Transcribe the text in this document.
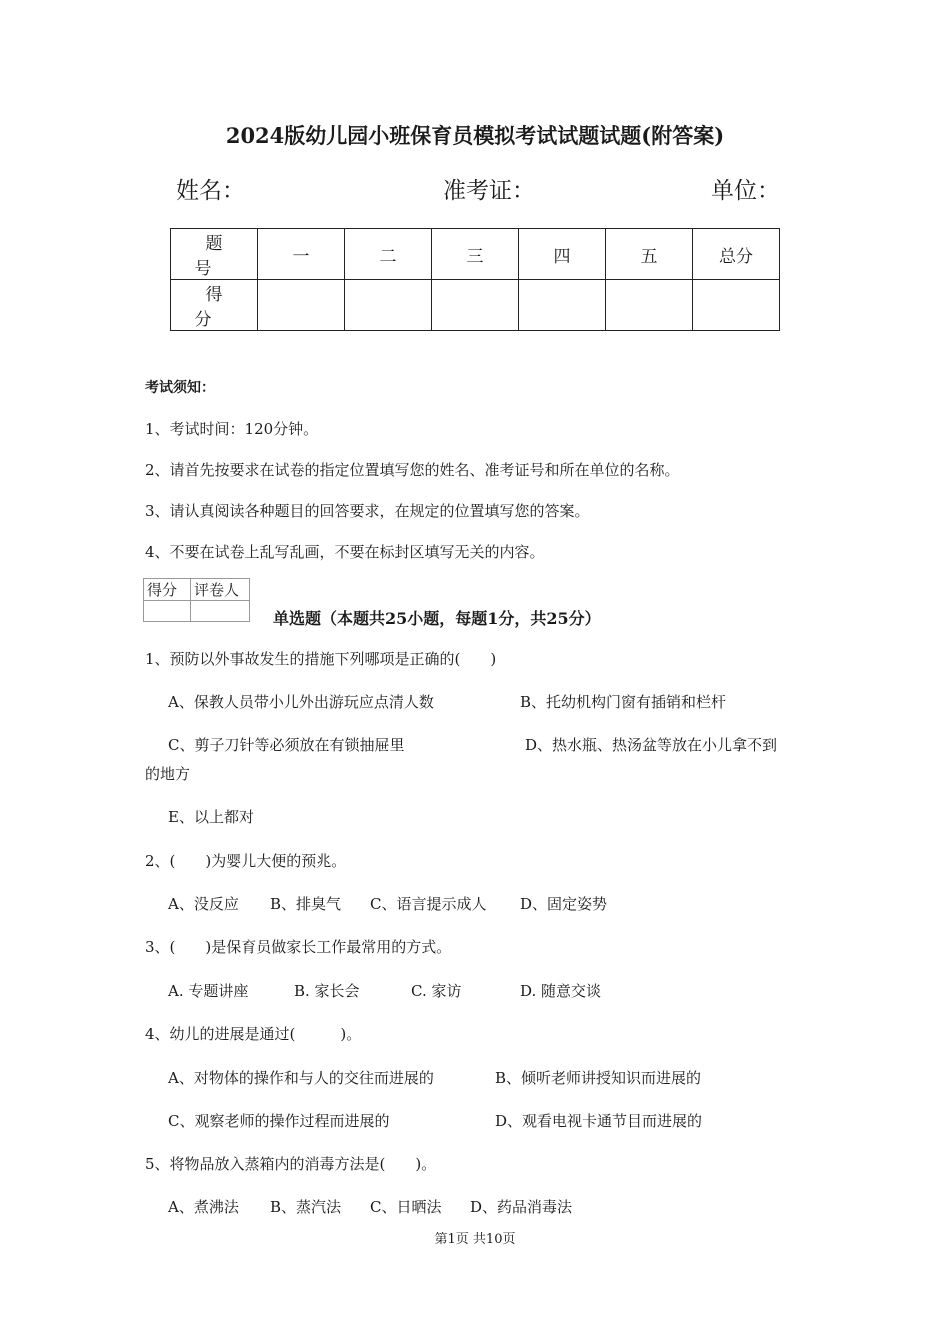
2024版幼儿园小班保育员模拟考试试题试题(附答案)
姓名：	准考证：	单位：
题号	一	二	三	四	五	总分
得分						
考试须知：
1、考试时间：120分钟。
2、请首先按要求在试卷的指定位置填写您的姓名、准考证号和所在单位的名称。
3、请认真阅读各种题目的回答要求，在规定的位置填写您的答案。
4、不要在试卷上乱写乱画，不要在标封区填写无关的内容。
得分	评卷人

单选题（本题共25小题，每题1分，共25分）
1、预防以外事故发生的措施下列哪项是正确的(　　)
A、保教人员带小儿外出游玩应点清人数	B、托幼机构门窗有插销和栏杆
C、剪子刀针等必须放在有锁抽屉里	D、热水瓶、热汤盆等放在小儿拿不到
的地方
E、以上都对
2、(　　)为婴儿大便的预兆。
A、没反应 B、排臭气 C、语言提示成人 D、固定姿势
3、(　　)是保育员做家长工作最常用的方式。
A. 专题讲座	B. 家长会	C. 家访	D. 随意交谈
4、幼儿的进展是通过(　　　)。
A、对物体的操作和与人的交往而进展的	B、倾听老师讲授知识而进展的
C、观察老师的操作过程而进展的	D、观看电视卡通节目而进展的
5、将物品放入蒸箱内的消毒方法是(　　)。
A、煮沸法 B、蒸汽法 C、日晒法 D、药品消毒法
第1页 共10页
